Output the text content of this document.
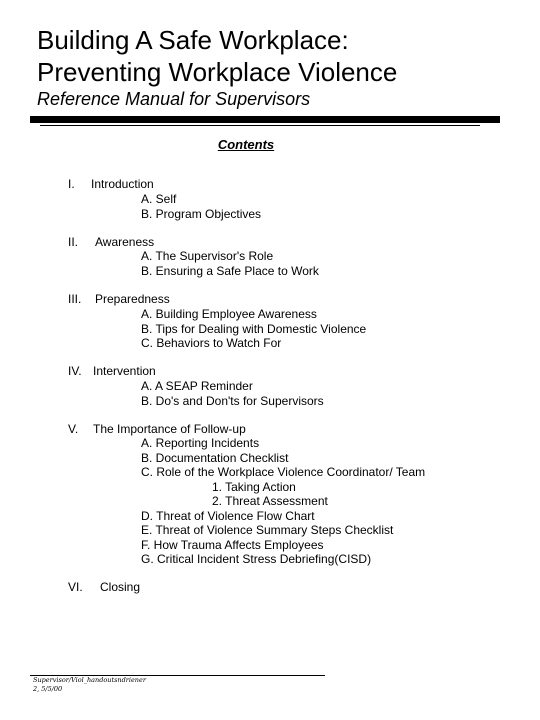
Building A Safe Workplace:
Preventing Workplace Violence
Reference Manual for Supervisors
Contents
I. Introduction
A. Self
B. Program Objectives
II. Awareness
A. The Supervisor's Role
B. Ensuring a Safe Place to Work
III. Preparedness
A. Building Employee Awareness
B. Tips for Dealing with Domestic Violence
C. Behaviors to Watch For
IV. Intervention
A. A SEAP Reminder
B. Do's and Don'ts for Supervisors
V. The Importance of Follow-up
A. Reporting Incidents
B. Documentation Checklist
C. Role of the Workplace Violence Coordinator/ Team
1. Taking Action
2. Threat Assessment
D. Threat of Violence Flow Chart
E. Threat of Violence Summary Steps Checklist
F. How Trauma Affects Employees
G. Critical Incident Stress Debriefing(CISD)
VI. Closing
Supervisor/Viol_handoutsndriener
2, 5/5/00
